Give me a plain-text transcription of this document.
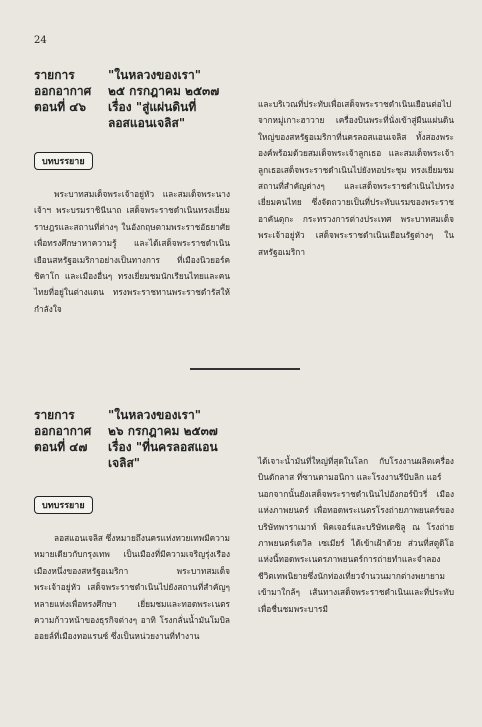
24
รายการ	"ในหลวงของเรา"
ออกอากาศ	๒๕ กรกฎาคม ๒๕๓๗
ตอนที่ ๔๖	เรื่อง "สู่แผ่นดินที่
ลอสแอนเจลิส"
บทบรรยาย

พระบาทสมเด็จพระเจ้าอยู่หัว และสมเด็จพระนางเจ้าฯ พระบรมราชินีนาถ เสด็จพระราชดำเนินทรงเยี่ยมราษฎรและสถานที่ต่างๆ ในอังกฤษตามพระราชอัธยาศัย เพื่อทรงศึกษาหาความรู้ และได้เสด็จพระราชดำเนินเยือนสหรัฐอเมริกาอย่างเป็นทางการ ที่เมืองนิวยอร์ค ชิคาโก และเมืองอื่นๆ ทรงเยี่ยมชมนักเรียนไทยและคนไทยที่อยู่ในต่างแดน ทรงพระราชทานพระราชดำรัสให้กำลังใจ

และบริเวณที่ประทับเพื่อเสด็จพระราชดำเนินเยือนต่อไป
จากหมู่เกาะฮาวาย เครื่องบินพระที่นั่งเข้าสู่ผืนแผ่นดินใหญ่ของสหรัฐอเมริกาที่นครลอสแอนเจลิส ทั้งสองพระองค์พร้อมด้วยสมเด็จพระเจ้าลูกเธอ และสมเด็จพระเจ้าลูกเธอเสด็จพระราชดำเนินไปยังหอประชุม ทรงเยี่ยมชมสถานที่สำคัญต่างๆ และเสด็จพระราชดำเนินไปทรงเยี่ยมคนไทย ซึ่งจัดถวายเป็นที่ประทับแรมของพระราชอาคันตุกะ กระทรวงการต่างประเทศ พระบาทสมเด็จพระเจ้าอยู่หัว เสด็จพระราชดำเนินเยือนรัฐต่างๆ ในสหรัฐอเมริกา

รายการ	"ในหลวงของเรา"
ออกอากาศ	๒๖ กรกฎาคม ๒๕๓๗
ตอนที่ ๔๗	เรื่อง "ที่นครลอสแอน
เจลิส"
บทบรรยาย

ลอสแอนเจลิส ซึ่งหมายถึงนครแห่งทวยเทพมีความหมายเดียวกับกรุงเทพ เป็นเมืองที่มีความเจริญรุ่งเรืองเมืองหนึ่งของสหรัฐอเมริกา พระบาทสมเด็จพระเจ้าอยู่หัว เสด็จพระราชดำเนินไปยังสถานที่สำคัญๆ หลายแห่งเพื่อทรงศึกษา เยี่ยมชมและทอดพระเนตรความก้าวหน้าของธุรกิจต่างๆ อาทิ โรงกลั่นน้ำมันโมบิลออยล์ที่เมืองทอแรนซ์ ซึ่งเป็นหน่วยงานที่ทำงาน

ได้เจาะน้ำมันที่ใหญ่ที่สุดในโลก กับโรงงานผลิตเครื่องบินดักลาส ที่ซานตามอนิกา และโรงงานรีปับลิก แอร์
นอกจากนั้นยังเสด็จพระราชดำเนินไปอังกอร์บิวรี่ เมืองแห่งภาพยนตร์ เพื่อทอดพระเนตรโรงถ่ายภาพยนตร์ของบริษัทพาราเมาท์ พิคเจอร์และบริษัทเดซิลู ณ โรงถ่ายภาพยนตร์เดวิล เซเมียร์ ได้เข้าเฝ้าด้วย ส่วนที่สตูดิโอแห่งนี้ทอดพระเนตรภาพยนตร์การถ่ายทำและจำลองชีวิตเทพนิยายซึ่งนักท่องเที่ยวจำนวนมากต่างพยายามเข้ามาใกล้ๆ เส้นทางเสด็จพระราชดำเนินและที่ประทับเพื่อชื่นชมพระบารมี
